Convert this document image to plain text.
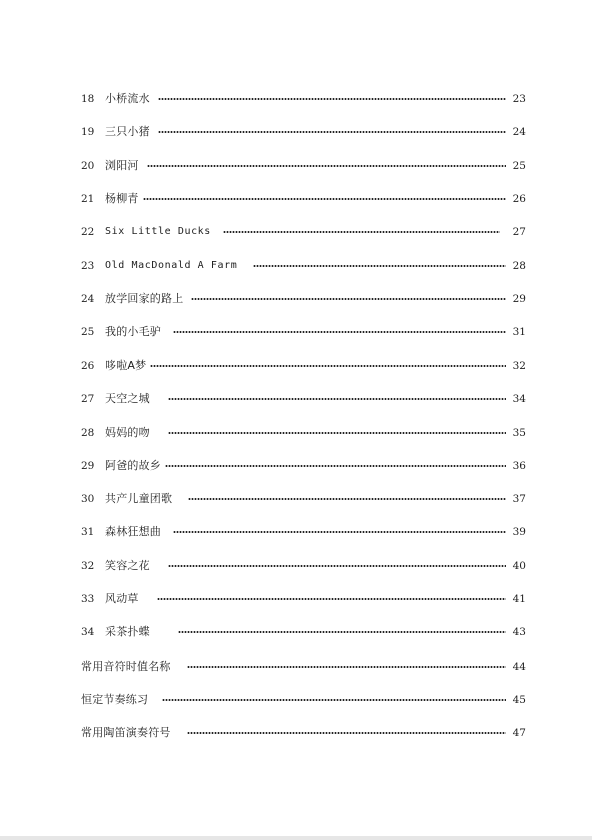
18 小桥流水	23
19 三只小猪	24
20 浏阳河	25
21 杨柳青	26
22	Six Little Ducks	27
23	Old MacDonald A Farm	28
24 放学回家的路上	29
25 我的小毛驴	31
26 哆啦A梦	32
27 天空之城	34
28 妈妈的吻	35
29 阿爸的故乡	36
30 共产儿童团歌	37
31 森林狂想曲	39
32 笑容之花	40
33 风动草	41
34 采茶扑蝶	43
常用音符时值名称	44
恒定节奏练习	45
常用陶笛演奏符号	47
